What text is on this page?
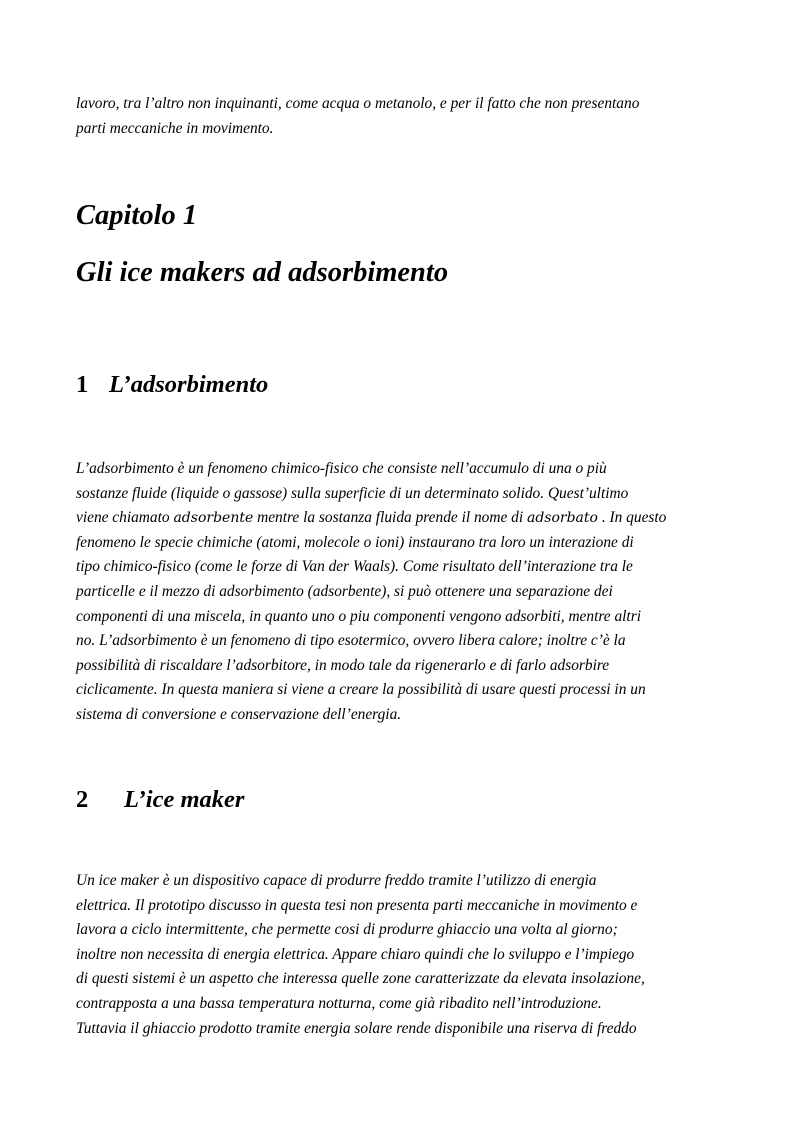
lavoro, tra l’altro non inquinanti, come acqua o metanolo, e per il fatto che non presentano
parti meccaniche in movimento.

Capitolo 1
Gli ice makers ad adsorbimento
1 L’adsorbimento

L’adsorbimento è un fenomeno chimico-fisico che consiste nell’accumulo di una o più
sostanze fluide (liquide o gassose) sulla superficie di un determinato solido. Quest’ultimo
viene chiamato adsorbente mentre la sostanza fluida prende il nome di adsorbato . In questo
fenomeno le specie chimiche (atomi, molecole o ioni) instaurano tra loro un interazione di
tipo chimico-fisico (come le forze di Van der Waals). Come risultato dell’interazione tra le
particelle e il mezzo di adsorbimento (adsorbente), si può ottenere una separazione dei
componenti di una miscela, in quanto uno o piu componenti vengono adsorbiti, mentre altri
no. L’adsorbimento è un fenomeno di tipo esotermico, ovvero libera calore; inoltre c’è la
possibilità di riscaldare l’adsorbitore, in modo tale da rigenerarlo e di farlo adsorbire
ciclicamente. In questa maniera si viene a creare la possibilità di usare questi processi in un
sistema di conversione e conservazione dell’energia.

2 L’ice maker

Un ice maker è un dispositivo capace di produrre freddo tramite l’utilizzo di energia
elettrica. Il prototipo discusso in questa tesi non presenta parti meccaniche in movimento e
lavora a ciclo intermittente, che permette cosi di produrre ghiaccio una volta al giorno;
inoltre non necessita di energia elettrica. Appare chiaro quindi che lo sviluppo e l’impiego
di questi sistemi è un aspetto che interessa quelle zone caratterizzate da elevata insolazione,
contrapposta a una bassa temperatura notturna, come già ribadito nell’introduzione.
Tuttavia il ghiaccio prodotto tramite energia solare rende disponibile una riserva di freddo
